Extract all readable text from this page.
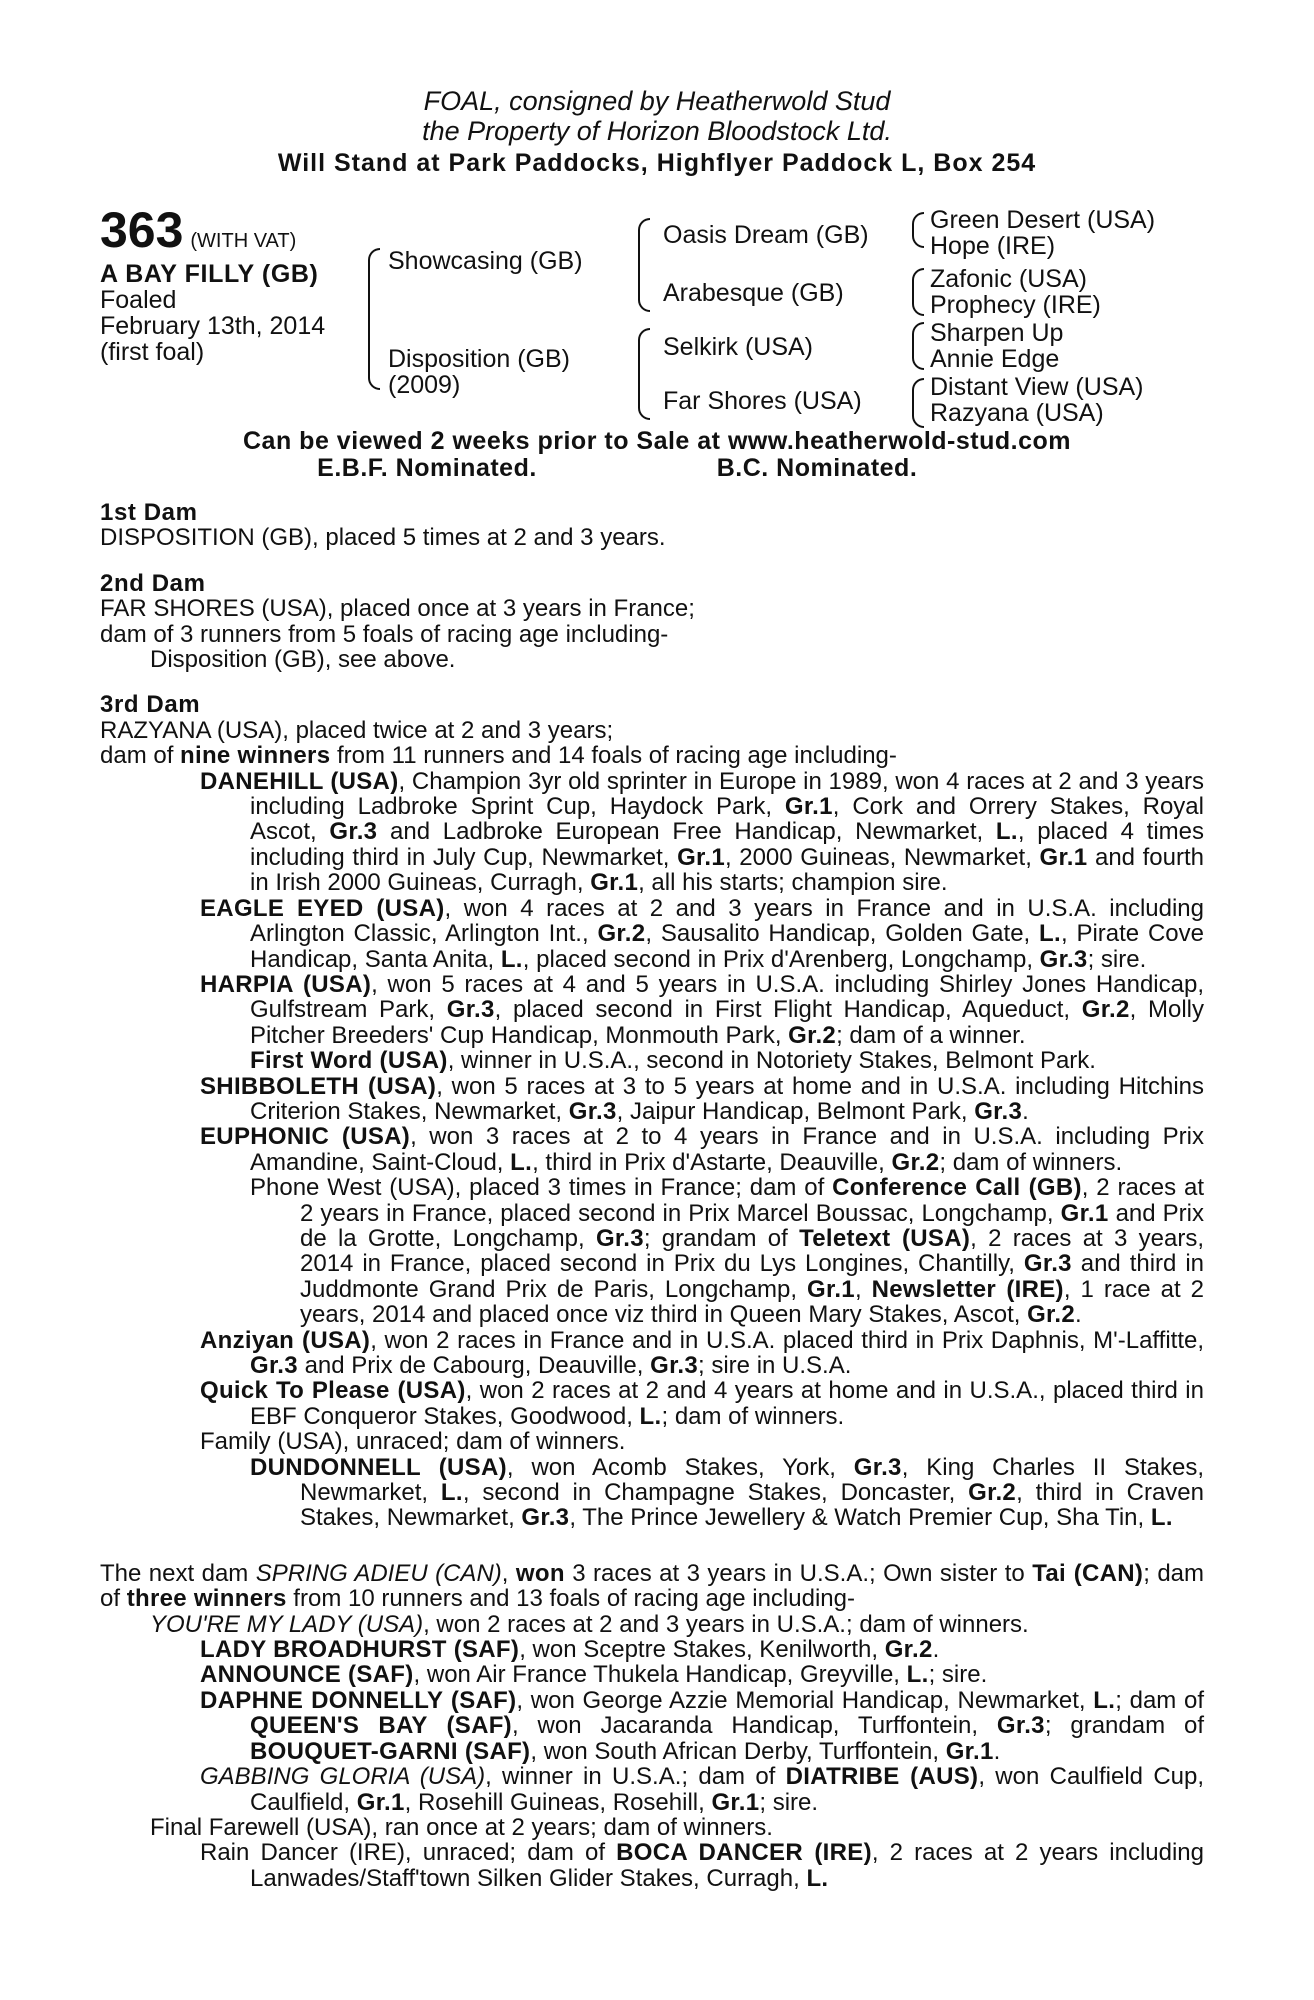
FOAL, consigned by Heatherwold Stud
the Property of Horizon Bloodstock Ltd.
Will Stand at Park Paddocks, Highflyer Paddock L, Box 254
363 (WITH VAT)
A BAY FILLY (GB)
Foaled
February 13th, 2014
(first foal)
Showcasing (GB)
Disposition (GB)
(2009)
Oasis Dream (GB)
Arabesque (GB)
Selkirk (USA)
Far Shores (USA)
Green Desert (USA)
Hope (IRE)
Zafonic (USA)
Prophecy (IRE)
Sharpen Up
Annie Edge
Distant View (USA)
Razyana (USA)
Can be viewed 2 weeks prior to Sale at www.heatherwold-stud.com
E.B.F. Nominated.	B.C. Nominated.
1st Dam

DISPOSITION (GB), placed 5 times at 2 and 3 years.

2nd Dam

FAR SHORES (USA), placed once at 3 years in France;

dam of 3 runners from 5 foals of racing age including-

Disposition (GB), see above.

3rd Dam

RAZYANA (USA), placed twice at 2 and 3 years;

dam of nine winners from 11 runners and 14 foals of racing age including-

DANEHILL (USA), Champion 3yr old sprinter in Europe in 1989, won 4 races at 2 and 3 years including Ladbroke Sprint Cup, Haydock Park, Gr.1, Cork and Orrery Stakes, Royal Ascot, Gr.3 and Ladbroke European Free Handicap, Newmarket, L., placed 4 times including third in July Cup, Newmarket, Gr.1, 2000 Guineas, Newmarket, Gr.1 and fourth in Irish 2000 Guineas, Curragh, Gr.1, all his starts; champion sire.

EAGLE EYED (USA), won 4 races at 2 and 3 years in France and in U.S.A. including Arlington Classic, Arlington Int., Gr.2, Sausalito Handicap, Golden Gate, L., Pirate Cove Handicap, Santa Anita, L., placed second in Prix d'Arenberg, Longchamp, Gr.3; sire.

HARPIA (USA), won 5 races at 4 and 5 years in U.S.A. including Shirley Jones Handicap, Gulfstream Park, Gr.3, placed second in First Flight Handicap, Aqueduct, Gr.2, Molly Pitcher Breeders' Cup Handicap, Monmouth Park, Gr.2; dam of a winner.

First Word (USA), winner in U.S.A., second in Notoriety Stakes, Belmont Park.

SHIBBOLETH (USA), won 5 races at 3 to 5 years at home and in U.S.A. including Hitchins Criterion Stakes, Newmarket, Gr.3, Jaipur Handicap, Belmont Park, Gr.3.

EUPHONIC (USA), won 3 races at 2 to 4 years in France and in U.S.A. including Prix Amandine, Saint-Cloud, L., third in Prix d'Astarte, Deauville, Gr.2; dam of winners.

Phone West (USA), placed 3 times in France; dam of Conference Call (GB), 2 races at 2 years in France, placed second in Prix Marcel Boussac, Longchamp, Gr.1 and Prix de la Grotte, Longchamp, Gr.3; grandam of Teletext (USA), 2 races at 3 years, 2014 in France, placed second in Prix du Lys Longines, Chantilly, Gr.3 and third in Juddmonte Grand Prix de Paris, Longchamp, Gr.1, Newsletter (IRE), 1 race at 2 years, 2014 and placed once viz third in Queen Mary Stakes, Ascot, Gr.2.

Anziyan (USA), won 2 races in France and in U.S.A. placed third in Prix Daphnis, M'-Laffitte, Gr.3 and Prix de Cabourg, Deauville, Gr.3; sire in U.S.A.

Quick To Please (USA), won 2 races at 2 and 4 years at home and in U.S.A., placed third in EBF Conqueror Stakes, Goodwood, L.; dam of winners.

Family (USA), unraced; dam of winners.

DUNDONNELL (USA), won Acomb Stakes, York, Gr.3, King Charles II Stakes, Newmarket, L., second in Champagne Stakes, Doncaster, Gr.2, third in Craven Stakes, Newmarket, Gr.3, The Prince Jewellery & Watch Premier Cup, Sha Tin, L.

The next dam SPRING ADIEU (CAN), won 3 races at 3 years in U.S.A.; Own sister to Tai (CAN); dam of three winners from 10 runners and 13 foals of racing age including-

YOU'RE MY LADY (USA), won 2 races at 2 and 3 years in U.S.A.; dam of winners.

LADY BROADHURST (SAF), won Sceptre Stakes, Kenilworth, Gr.2.

ANNOUNCE (SAF), won Air France Thukela Handicap, Greyville, L.; sire.

DAPHNE DONNELLY (SAF), won George Azzie Memorial Handicap, Newmarket, L.; dam of QUEEN'S BAY (SAF), won Jacaranda Handicap, Turffontein, Gr.3; grandam of BOUQUET-GARNI (SAF), won South African Derby, Turffontein, Gr.1.

GABBING GLORIA (USA), winner in U.S.A.; dam of DIATRIBE (AUS), won Caulfield Cup, Caulfield, Gr.1, Rosehill Guineas, Rosehill, Gr.1; sire.

Final Farewell (USA), ran once at 2 years; dam of winners.

Rain Dancer (IRE), unraced; dam of BOCA DANCER (IRE), 2 races at 2 years including Lanwades/Staff'town Silken Glider Stakes, Curragh, L.
